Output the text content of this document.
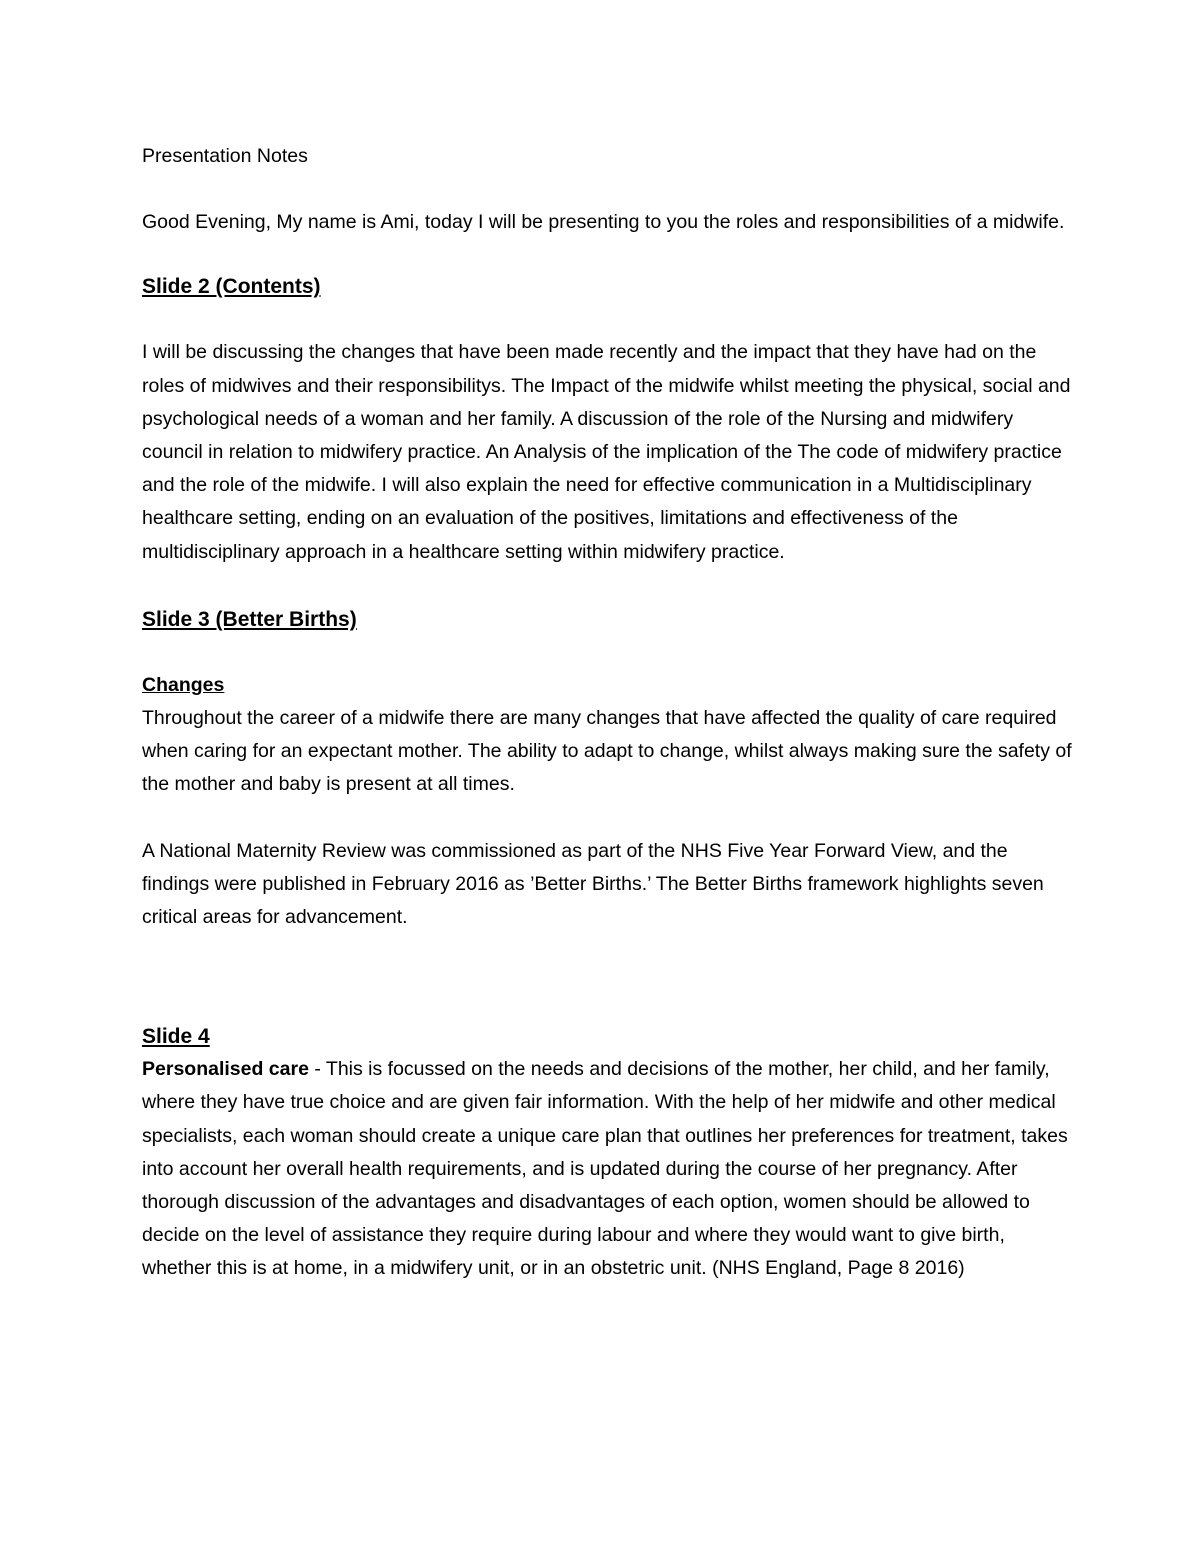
Presentation Notes

Good Evening, My name is Ami, today I will be presenting to you the roles and responsibilities of a midwife.

Slide 2 (Contents)

I will be discussing the changes that have been made recently and the impact that they have had on the roles of midwives and their responsibilitys. The Impact of the midwife whilst meeting the physical, social and psychological needs of a woman and her family. A discussion of the role of the Nursing and midwifery council in relation to midwifery practice. An Analysis of the implication of the The code of midwifery practice and the role of the midwife. I will also explain the need for effective communication in a Multidisciplinary healthcare setting, ending on an evaluation of the positives, limitations and effectiveness of the multidisciplinary approach in a healthcare setting within midwifery practice.

Slide 3 (Better Births)

Changes

Throughout the career of a midwife there are many changes that have affected the quality of care required when caring for an expectant mother. The ability to adapt to change, whilst always making sure the safety of the mother and baby is present at all times.

A National Maternity Review was commissioned as part of the NHS Five Year Forward View, and the findings were published in February 2016 as ’Better Births.’ The Better Births framework highlights seven critical areas for advancement.

Slide 4

Personalised care - This is focussed on the needs and decisions of the mother, her child, and her family, where they have true choice and are given fair information. With the help of her midwife and other medical specialists, each woman should create a unique care plan that outlines her preferences for treatment, takes into account her overall health requirements, and is updated during the course of her pregnancy. After thorough discussion of the advantages and disadvantages of each option, women should be allowed to decide on the level of assistance they require during labour and where they would want to give birth, whether this is at home, in a midwifery unit, or in an obstetric unit. (NHS England, Page 8 2016)
